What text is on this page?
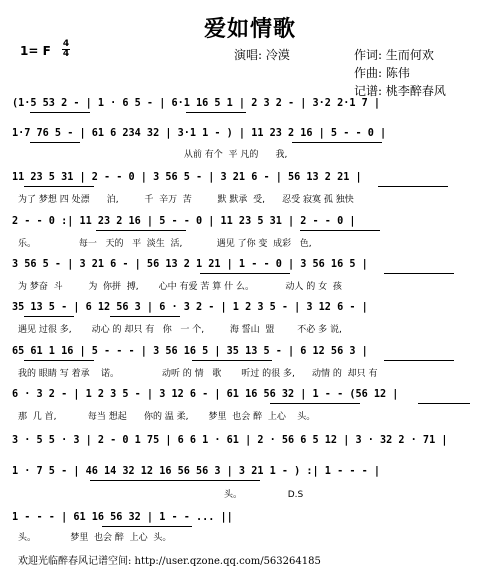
爱如情歌
1= F 4
4	演唱: 冷漠	作词: 生而何欢
作曲: 陈伟
记谱: 桃李醉春风
(1·5 53 2 - | 1 · 6 5 - | 6·1 16 5 1 | 2 3 2 - | 3·2 2·1 7 |
1·7 76 5 - | 61 6 234 32 | 3·1 1 - ) | 11 23 2 16 | 5 - - 0 |
从前 有个  平 凡的      我,
11 23 5 31 | 2 - - 0 | 3 56 5 - | 3 21 6 - | 56 13 2 21 |
为了 梦想 四 处漂      泊,         千  辛万  苦         默 默承  受,      忍受 寂寞 孤 独快
2 - - 0 :| 11 23 2 16 | 5 - - 0 | 11 23 5 31 | 2 - - 0 |
乐。               每一   天的   平  淡生  活,            遇见 了你 变  成彩   色,
3 56 5 - | 3 21 6 - | 56 13 2 1 21 | 1 - - 0 | 3 56 16 5 |
为 梦奋  斗         为  你拼  搏,       心中 有爱 苦 算 什 么。           动人 的 女  孩
35 13 5 - | 6 12 56 3 | 6 · 3 2 - | 1 2 3 5 - | 3 12 6 - |
遇见 过很 多,       动心 的 却只 有   你   一 个,         海 誓山  盟        不必 多 说,
65 61 1 16 | 5 - - - | 3 56 16 5 | 35 13 5 - | 6 12 56 3 |
我的 眼睛 写 着承    诺。               动听 的 情   歌       听过 的很 多,      动情 的  却只 有
6 · 3 2 - | 1 2 3 5 - | 3 12 6 - | 61 16 56 32 | 1 - - (56 12 |
那  几 首,           每当 想起      你的 温 柔,       梦里  也会 醉  上心    头。
3 · 5 5 · 3 | 2 - 0 1 75 | 6 6 1 · 61 | 2 · 56 6 5 12 | 3 · 32 2 · 71 |
1 · 7 5 - | 46 14 32 12 16 56 56 3 | 3 21 1 - ) :| 1 - - - |
头。                D.S
1 - - - | 61 16 56 32 | 1 - - ... ||
头。            梦里  也会 醉  上心  头。
欢迎光临醉春风记谱空间: http://user.qzone.qq.com/563264185
